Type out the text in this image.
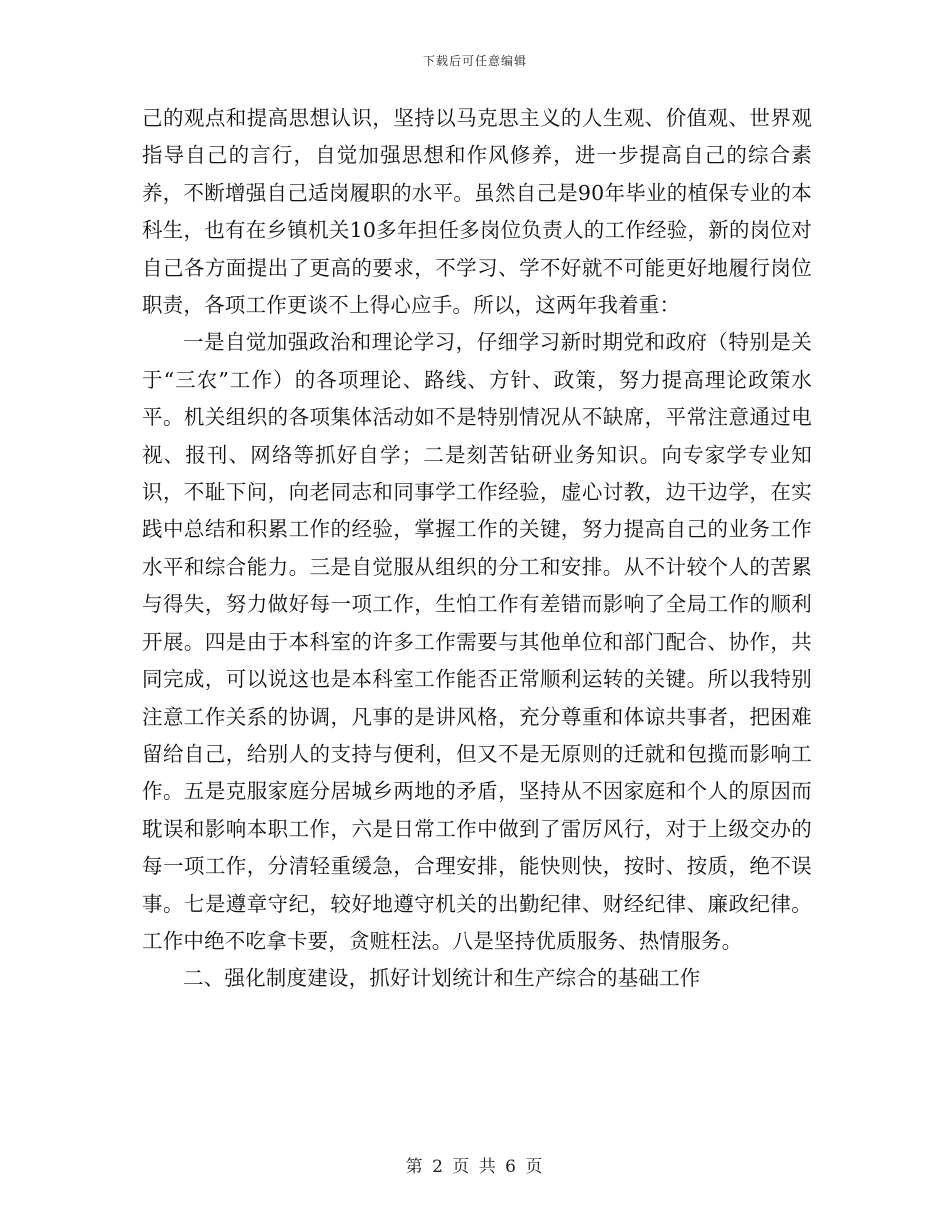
下载后可任意编辑

己的观点和提高思想认识，坚持以马克思主义的人生观、价值观、世界观指导自己的言行，自觉加强思想和作风修养，进一步提高自己的综合素养，不断增强自己适岗履职的水平。虽然自己是90年毕业的植保专业的本科生，也有在乡镇机关10多年担任多岗位负责人的工作经验，新的岗位对自己各方面提出了更高的要求，不学习、学不好就不可能更好地履行岗位职责，各项工作更谈不上得心应手。所以，这两年我着重：

一是自觉加强政治和理论学习，仔细学习新时期党和政府（特别是关于“三农”工作）的各项理论、路线、方针、政策，努力提高理论政策水平。机关组织的各项集体活动如不是特别情况从不缺席，平常注意通过电视、报刊、网络等抓好自学；二是刻苦钻研业务知识。向专家学专业知识，不耻下问，向老同志和同事学工作经验，虚心讨教，边干边学，在实践中总结和积累工作的经验，掌握工作的关键，努力提高自己的业务工作水平和综合能力。三是自觉服从组织的分工和安排。从不计较个人的苦累与得失，努力做好每一项工作，生怕工作有差错而影响了全局工作的顺利开展。四是由于本科室的许多工作需要与其他单位和部门配合、协作，共同完成，可以说这也是本科室工作能否正常顺利运转的关键。所以我特别注意工作关系的协调，凡事的是讲风格，充分尊重和体谅共事者，把困难留给自己，给别人的支持与便利，但又不是无原则的迁就和包揽而影响工作。五是克服家庭分居城乡两地的矛盾，坚持从不因家庭和个人的原因而耽误和影响本职工作，六是日常工作中做到了雷厉风行，对于上级交办的每一项工作，分清轻重缓急，合理安排，能快则快，按时、按质，绝不误事。七是遵章守纪，较好地遵守机关的出勤纪律、财经纪律、廉政纪律。工作中绝不吃拿卡要，贪赃枉法。八是坚持优质服务、热情服务。

二、强化制度建设，抓好计划统计和生产综合的基础工作

第 2 页 共 6 页
